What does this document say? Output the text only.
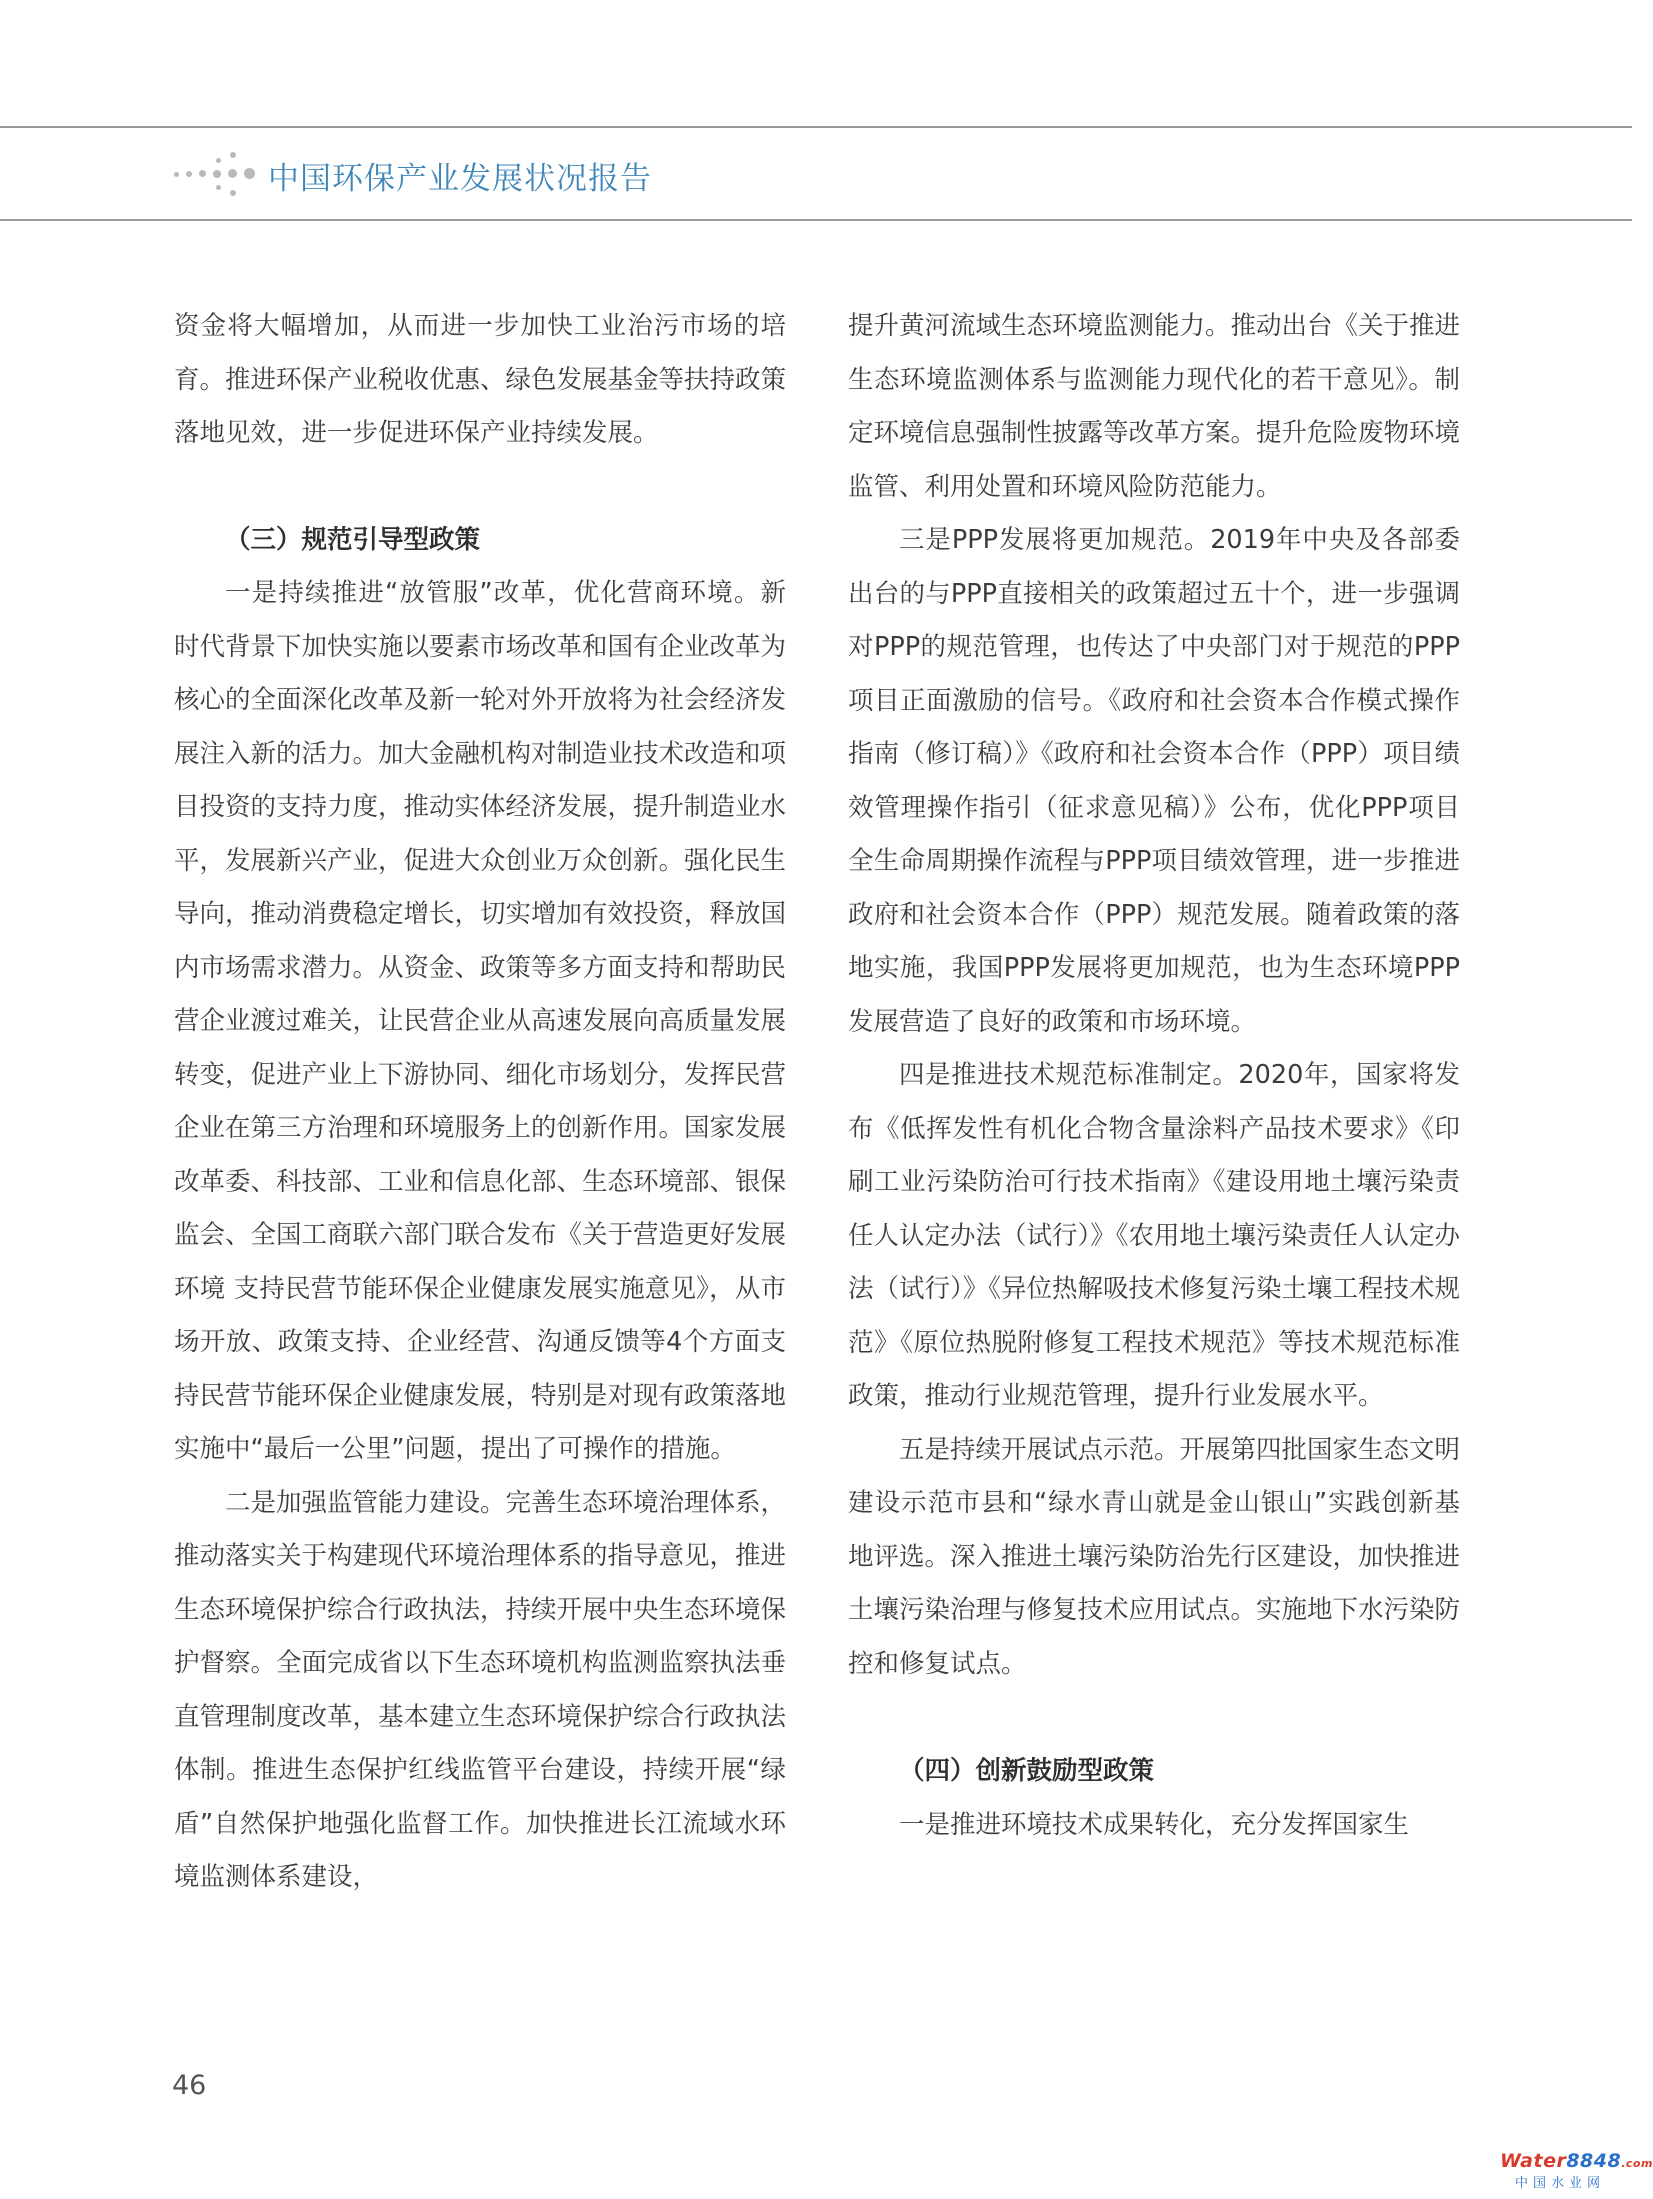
中国环保产业发展状况报告

资金将大幅增加，从而进一步加快工业治污市场的培育。推进环保产业税收优惠、绿色发展基金等扶持政策落地见效，进一步促进环保产业持续发展。

（三）规范引导型政策

一是持续推进“放管服”改革，优化营商环境。新时代背景下加快实施以要素市场改革和国有企业改革为核心的全面深化改革及新一轮对外开放将为社会经济发展注入新的活力。加大金融机构对制造业技术改造和项目投资的支持力度，推动实体经济发展，提升制造业水平，发展新兴产业，促进大众创业万众创新。强化民生导向，推动消费稳定增长，切实增加有效投资，释放国内市场需求潜力。从资金、政策等多方面支持和帮助民营企业渡过难关，让民营企业从高速发展向高质量发展转变，促进产业上下游协同、细化市场划分，发挥民营企业在第三方治理和环境服务上的创新作用。国家发展改革委、科技部、工业和信息化部、生态环境部、银保监会、全国工商联六部门联合发布《关于营造更好发展环境 支持民营节能环保企业健康发展实施意见》，从市场开放、政策支持、企业经营、沟通反馈等4个方面支持民营节能环保企业健康发展，特别是对现有政策落地实施中“最后一公里”问题，提出了可操作的措施。

二是加强监管能力建设。完善生态环境治理体系，推动落实关于构建现代环境治理体系的指导意见，推进生态环境保护综合行政执法，持续开展中央生态环境保护督察。全面完成省以下生态环境机构监测监察执法垂直管理制度改革，基本建立生态环境保护综合行政执法体制。推进生态保护红线监管平台建设，持续开展“绿盾”自然保护地强化监督工作。加快推进长江流域水环境监测体系建设，

提升黄河流域生态环境监测能力。推动出台《关于推进生态环境监测体系与监测能力现代化的若干意见》。制定环境信息强制性披露等改革方案。提升危险废物环境监管、利用处置和环境风险防范能力。

三是PPP发展将更加规范。2019年中央及各部委出台的与PPP直接相关的政策超过五十个，进一步强调对PPP的规范管理，也传达了中央部门对于规范的PPP项目正面激励的信号。《政府和社会资本合作模式操作指南（修订稿）》《政府和社会资本合作（PPP）项目绩效管理操作指引（征求意见稿）》公布，优化PPP项目全生命周期操作流程与PPP项目绩效管理，进一步推进政府和社会资本合作（PPP）规范发展。随着政策的落地实施，我国PPP发展将更加规范，也为生态环境PPP发展营造了良好的政策和市场环境。

四是推进技术规范标准制定。2020年，国家将发布《低挥发性有机化合物含量涂料产品技术要求》《印刷工业污染防治可行技术指南》《建设用地土壤污染责任人认定办法（试行）》《农用地土壤污染责任人认定办法（试行）》《异位热解吸技术修复污染土壤工程技术规范》《原位热脱附修复工程技术规范》等技术规范标准政策，推动行业规范管理，提升行业发展水平。

五是持续开展试点示范。开展第四批国家生态文明建设示范市县和“绿水青山就是金山银山”实践创新基地评选。深入推进土壤污染防治先行区建设，加快推进土壤污染治理与修复技术应用试点。实施地下水污染防控和修复试点。

（四）创新鼓励型政策

一是推进环境技术成果转化，充分发挥国家生

46
Water8848.com
中国水业网
